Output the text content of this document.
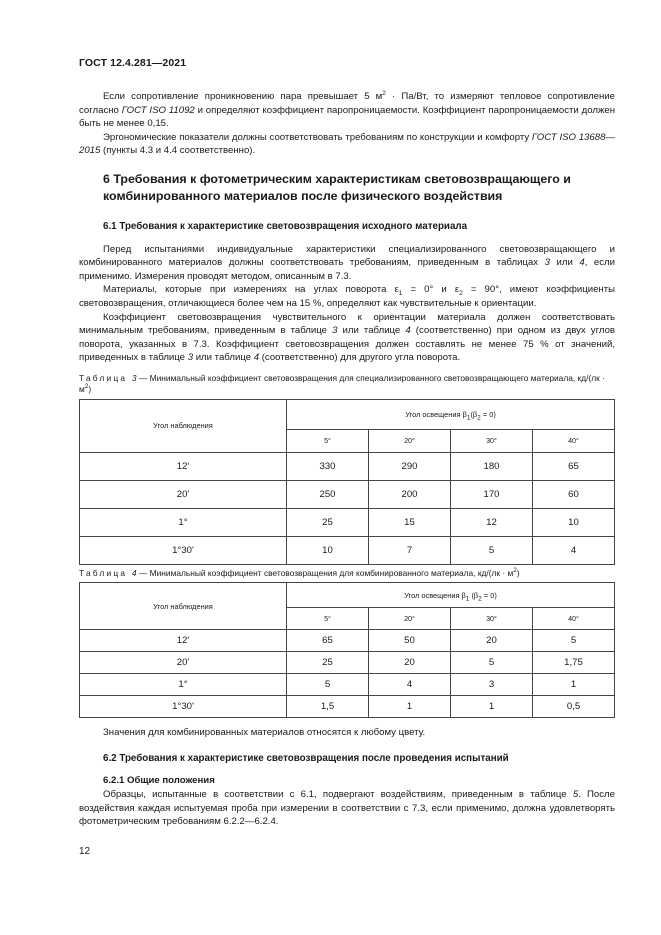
ГОСТ 12.4.281—2021

Если сопротивление проникновению пара превышает 5 $м^2 \cdot Па/Вт$, то измеряют тепловое сопротивление согласно ГОСТ ISO 11092 и определяют коэффициент паропроницаемости. Коэффициент паропроницаемости должен быть не менее 0,15.

Эргономические показатели должны соответствовать требованиям по конструкции и комфорту ГОСТ ISO 13688—2015 (пункты 4.3 и 4.4 соответственно).

6 Требования к фотометрическим характеристикам световозвращающего и комбинированного материалов после физического воздействия
6.1 Требования к характеристике световозвращения исходного материала

Перед испытаниями индивидуальные характеристики специализированного световозвращающего и комбинированного материалов должны соответствовать требованиям, приведенным в таблицах 3 или 4, если применимо. Измерения проводят методом, описанным в 7.3.

Материалы, которые при измерениях на углах поворота $\varepsilon_1 = 0^\circ$ и $\varepsilon_2 = 90^\circ$, имеют коэффициенты световозвращения, отличающиеся более чем на 15 %, определяют как чувствительные к ориентации.

Коэффициент световозвращения чувствительного к ориентации материала должен соответствовать минимальным требованиям, приведенным в таблице 3 или таблице 4 (соответственно) при одном из двух углов поворота, указанных в 7.3. Коэффициент световозвращения должен составлять не менее 75 % от значений, приведенных в таблице 3 или таблице 4 (соответственно) для другого угла поворота.

Таблица 3 — Минимальный коэффициент световозвращения для специализированного световозвращающего материала, $кд/(лк \cdot м^2)$
Угол наблюдения	Угол освещения $\beta_1(\beta_2 = 0)$			
	5°	20°	30°	40°
12'	330	290	180	65
20'	250	200	170	60
1°	25	15	12	10
1°30'	10	7	5	4
Таблица 4 — Минимальный коэффициент световозвращения для комбинированного материала, $кд/(лк \cdot м^2)$
Угол наблюдения	Угол освещения $\beta_1$ $(\beta_2 = 0)$			
	5°	20°	30°	40°
12'	65	50	20	5
20'	25	20	5	1,75
1°	5	4	3	1
1°30'	1,5	1	1	0,5

Значения для комбинированных материалов относятся к любому цвету.

6.2 Требования к характеристике световозвращения после проведения испытаний
6.2.1 Общие положения

Образцы, испытанные в соответствии с 6.1, подвергают воздействиям, приведенным в таблице 5. После воздействия каждая испытуемая проба при измерении в соответствии с 7.3, если применимо, должна удовлетворять фотометрическим требованиям 6.2.2—6.2.4.

12
